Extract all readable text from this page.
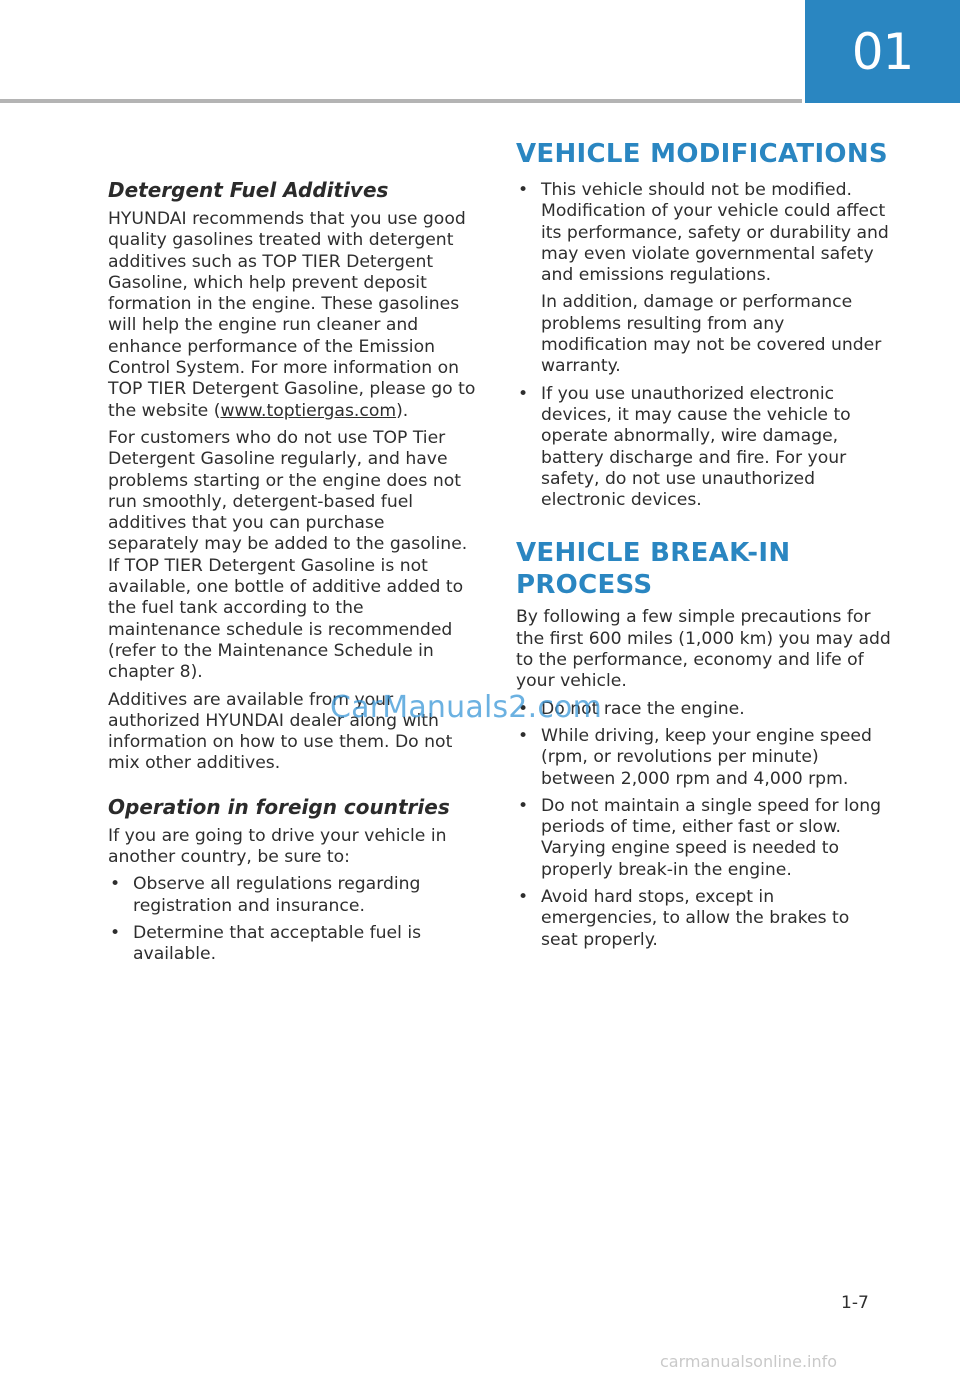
01
Detergent Fuel Additives

HYUNDAI recommends that you use good quality gasolines treated with detergent additives such as TOP TIER Detergent Gasoline, which help prevent deposit formation in the engine. These gasolines will help the engine run cleaner and enhance performance of the Emission Control System. For more information on TOP TIER Detergent Gasoline, please go to the website (www.toptiergas.com).

For customers who do not use TOP Tier Detergent Gasoline regularly, and have problems starting or the engine does not run smoothly, detergent-based fuel additives that you can purchase separately may be added to the gasoline. If TOP TIER Detergent Gasoline is not available, one bottle of additive added to the fuel tank according to the maintenance schedule is recommended (refer to the Maintenance Schedule in chapter 8).

Additives are available from your authorized HYUNDAI dealer along with information on how to use them. Do not mix other additives.

Operation in foreign countries

If you are going to drive your vehicle in another country, be sure to:

• Observe all regulations regarding registration and insurance.
• Determine that acceptable fuel is available.
VEHICLE MODIFICATIONS
• This vehicle should not be modified. Modification of your vehicle could affect its performance, safety or durability and may even violate governmental safety and emissions regulations.
In addition, damage or performance problems resulting from any modification may not be covered under warranty.
• If you use unauthorized electronic devices, it may cause the vehicle to operate abnormally, wire damage, battery discharge and fire. For your safety, do not use unauthorized electronic devices.
VEHICLE BREAK-IN
PROCESS

By following a few simple precautions for the first 600 miles (1,000 km) you may add to the performance, economy and life of your vehicle.

• Do not race the engine.
• While driving, keep your engine speed (rpm, or revolutions per minute) between 2,000 rpm and 4,000 rpm.
• Do not maintain a single speed for long periods of time, either fast or slow. Varying engine speed is needed to properly break-in the engine.
• Avoid hard stops, except in emergencies, to allow the brakes to seat properly.
CarManuals2.com
1-7
carmanualsonline.info
